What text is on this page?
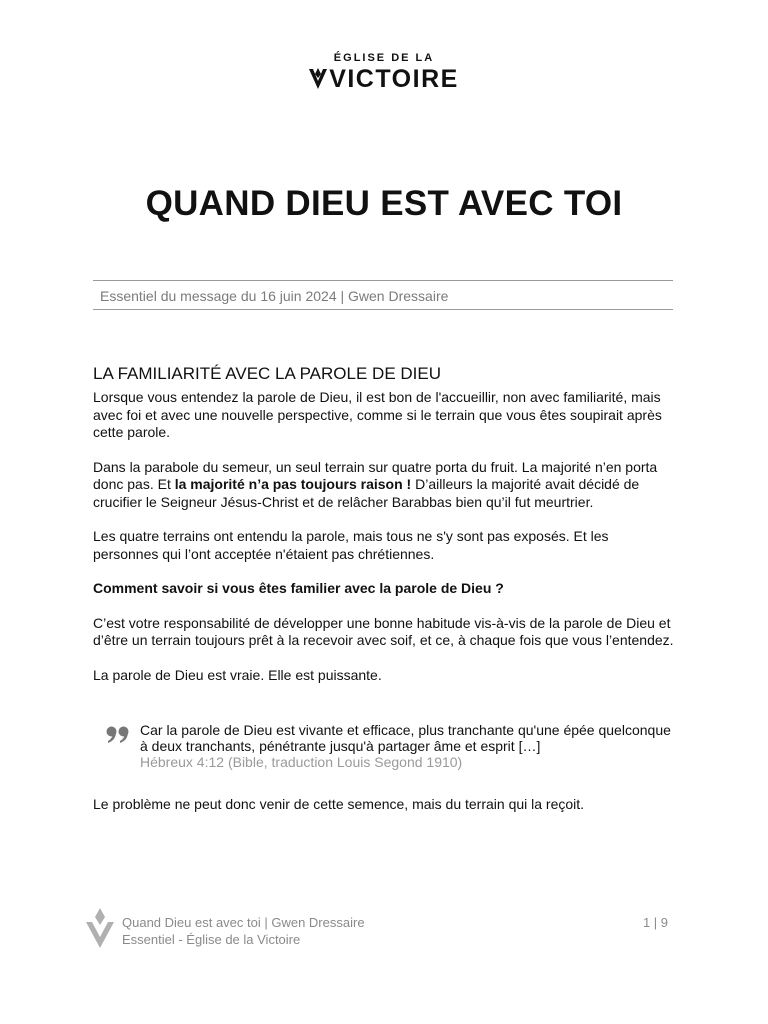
ÉGLISE DE LA
VICTOIRE
QUAND DIEU EST AVEC TOI
Essentiel du message du 16 juin 2024 | Gwen Dressaire
LA FAMILIARITÉ AVEC LA PAROLE DE DIEU

Lorsque vous entendez la parole de Dieu, il est bon de l'accueillir, non avec familiarité, mais avec foi et avec une nouvelle perspective, comme si le terrain que vous êtes soupirait après cette parole.

Dans la parabole du semeur, un seul terrain sur quatre porta du fruit. La majorité n’en porta donc pas. Et la majorité n’a pas toujours raison ! D’ailleurs la majorité avait décidé de crucifier le Seigneur Jésus-Christ et de relâcher Barabbas bien qu’il fut meurtrier.

Les quatre terrains ont entendu la parole, mais tous ne s'y sont pas exposés. Et les personnes qui l’ont acceptée n'étaient pas chrétiennes.

Comment savoir si vous êtes familier avec la parole de Dieu ?

C’est votre responsabilité de développer une bonne habitude vis-à-vis de la parole de Dieu et d’être un terrain toujours prêt à la recevoir avec soif, et ce, à chaque fois que vous l’entendez.

La parole de Dieu est vraie. Elle est puissante.

Car la parole de Dieu est vivante et efficace, plus tranchante qu'une épée quelconque à deux tranchants, pénétrante jusqu'à partager âme et esprit […]
Hébreux 4:12 (Bible, traduction Louis Segond 1910)

Le problème ne peut donc venir de cette semence, mais du terrain qui la reçoit.

Quand Dieu est avec toi | Gwen Dressaire
Essentiel - Église de la Victoire
1 | 9
